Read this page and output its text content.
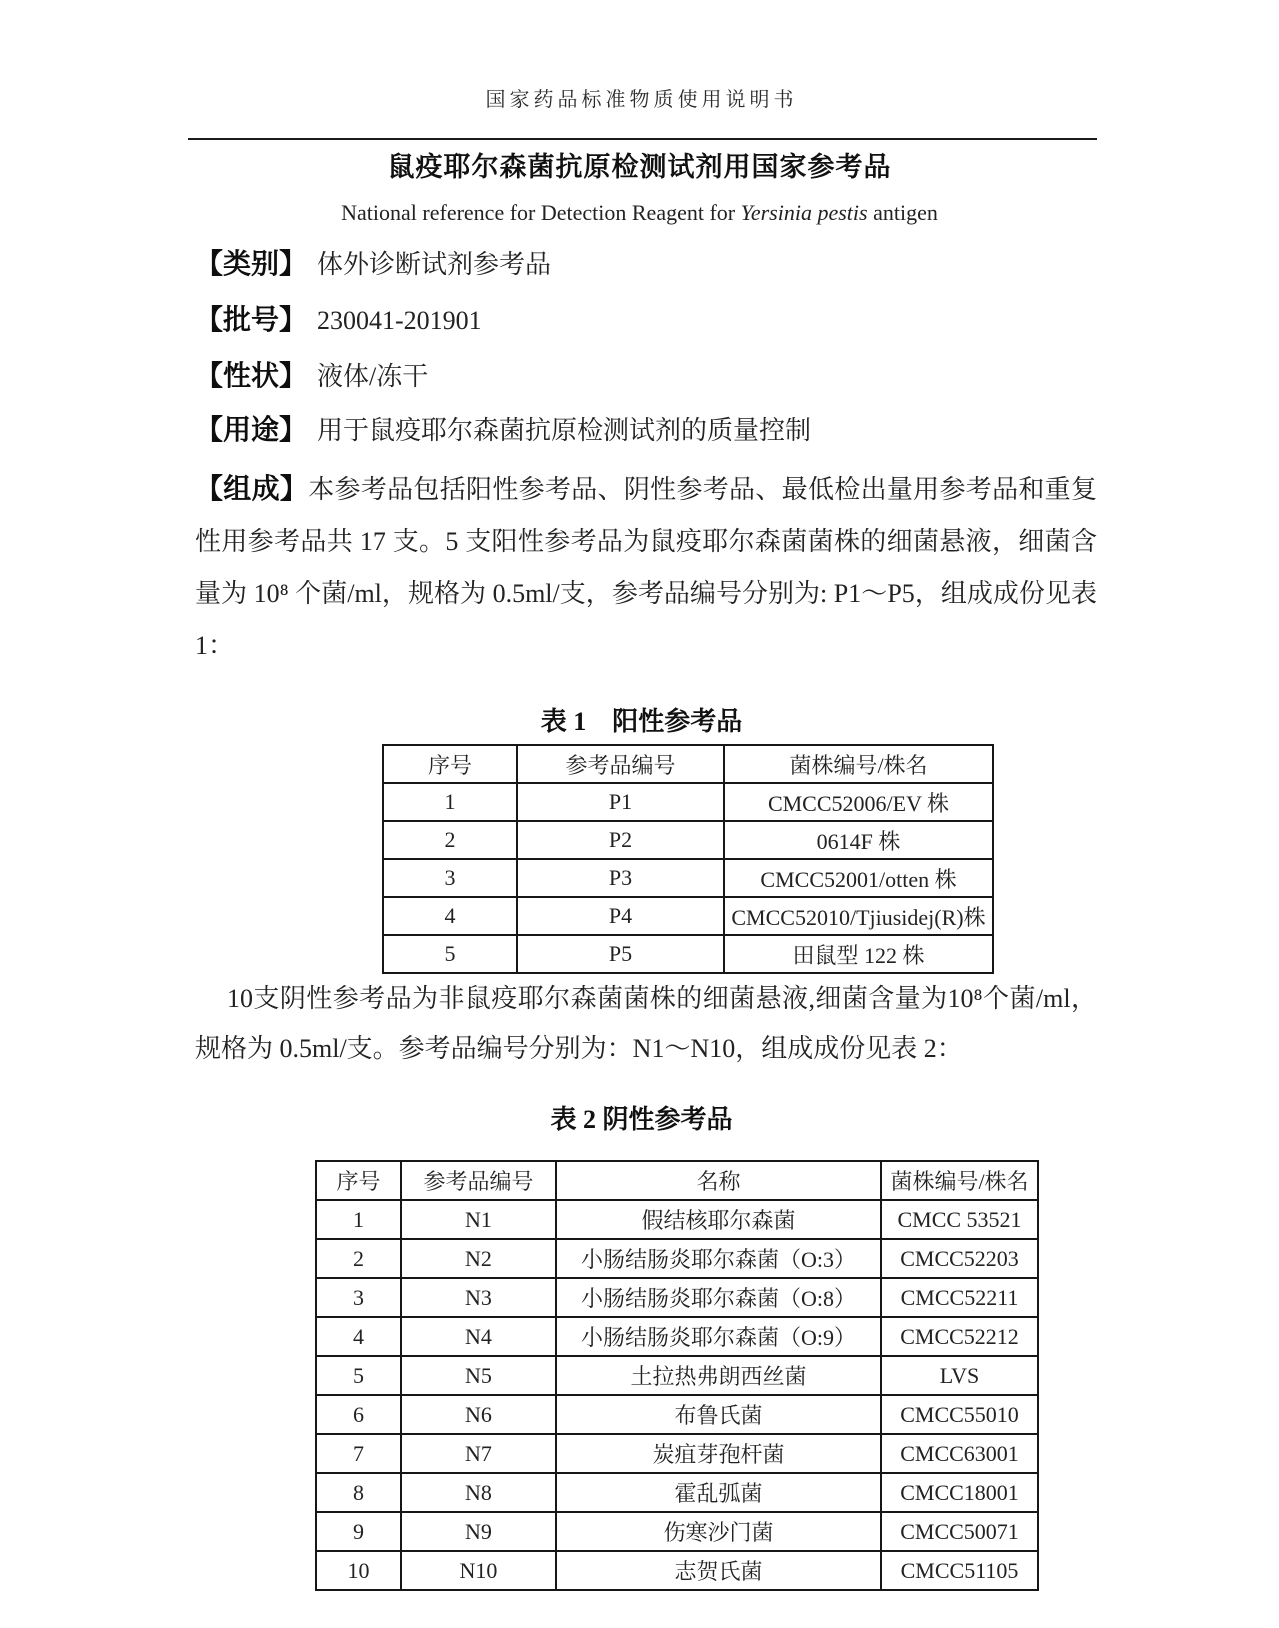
国家药品标准物质使用说明书
鼠疫耶尔森菌抗原检测试剂用国家参考品
National reference for Detection Reagent for Yersinia pestis antigen
【类别】 体外诊断试剂参考品
【批号】 230041-201901
【性状】 液体/冻干
【用途】 用于鼠疫耶尔森菌抗原检测试剂的质量控制
【组成】本参考品包括阳性参考品、阴性参考品、最低检出量用参考品和重复
性用参考品共 17 支。5 支阳性参考品为鼠疫耶尔森菌菌株的细菌悬液，细菌含
量为 10⁸ 个菌/ml，规格为 0.5ml/支，参考品编号分别为: P1～P5，组成成份见表
1：
表 1　阳性参考品
序号	参考品编号	菌株编号/株名
1	P1	CMCC52006/EV 株
2	P2	0614F 株
3	P3	CMCC52001/otten 株
4	P4	CMCC52010/Tjiusidej(R)株
5	P5	田鼠型 122 株
10支阴性参考品为非鼠疫耶尔森菌菌株的细菌悬液,细菌含量为10⁸个菌/ml，
规格为 0.5ml/支。参考品编号分别为：N1～N10，组成成份见表 2：
表 2 阴性参考品
序号	参考品编号	名称	菌株编号/株名
1	N1	假结核耶尔森菌	CMCC 53521
2	N2	小肠结肠炎耶尔森菌（O:3）	CMCC52203
3	N3	小肠结肠炎耶尔森菌（O:8）	CMCC52211
4	N4	小肠结肠炎耶尔森菌（O:9）	CMCC52212
5	N5	土拉热弗朗西丝菌	LVS
6	N6	布鲁氏菌	CMCC55010
7	N7	炭疽芽孢杆菌	CMCC63001
8	N8	霍乱弧菌	CMCC18001
9	N9	伤寒沙门菌	CMCC50071
10	N10	志贺氏菌	CMCC51105
